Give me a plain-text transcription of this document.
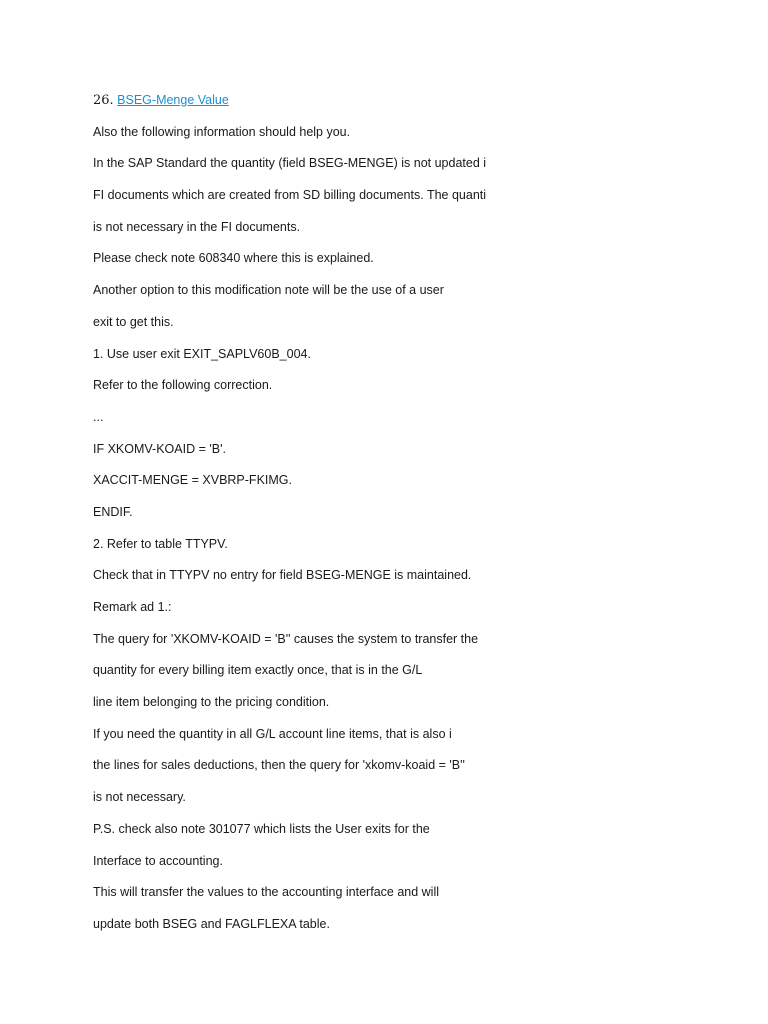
26. BSEG-Menge Value
Also the following information should help you.
In the SAP Standard the quantity (field BSEG-MENGE) is not updated i
FI documents which are created from SD billing documents. The quanti
is not necessary in the FI documents.
Please check note 608340 where this is explained.
Another option to this modification note will be the use of a user
exit to get this.
1. Use user exit EXIT_SAPLV60B_004.
Refer to the following correction.
...
IF XKOMV-KOAID = 'B'.
XACCIT-MENGE = XVBRP-FKIMG.
ENDIF.
2. Refer to table TTYPV.
Check that in TTYPV no entry for field BSEG-MENGE is maintained.
Remark ad 1.:
The query for 'XKOMV-KOAID = 'B'' causes the system to transfer the
quantity for every billing item exactly once, that is in the G/L
line item belonging to the pricing condition.
If you need the quantity in all G/L account line items, that is also i
the lines for sales deductions, then the query for 'xkomv-koaid = 'B''
is not necessary.
P.S. check also note 301077 which lists the User exits for the
Interface to accounting.
This will transfer the values to the accounting interface and will
update both BSEG and FAGLFLEXA table.
